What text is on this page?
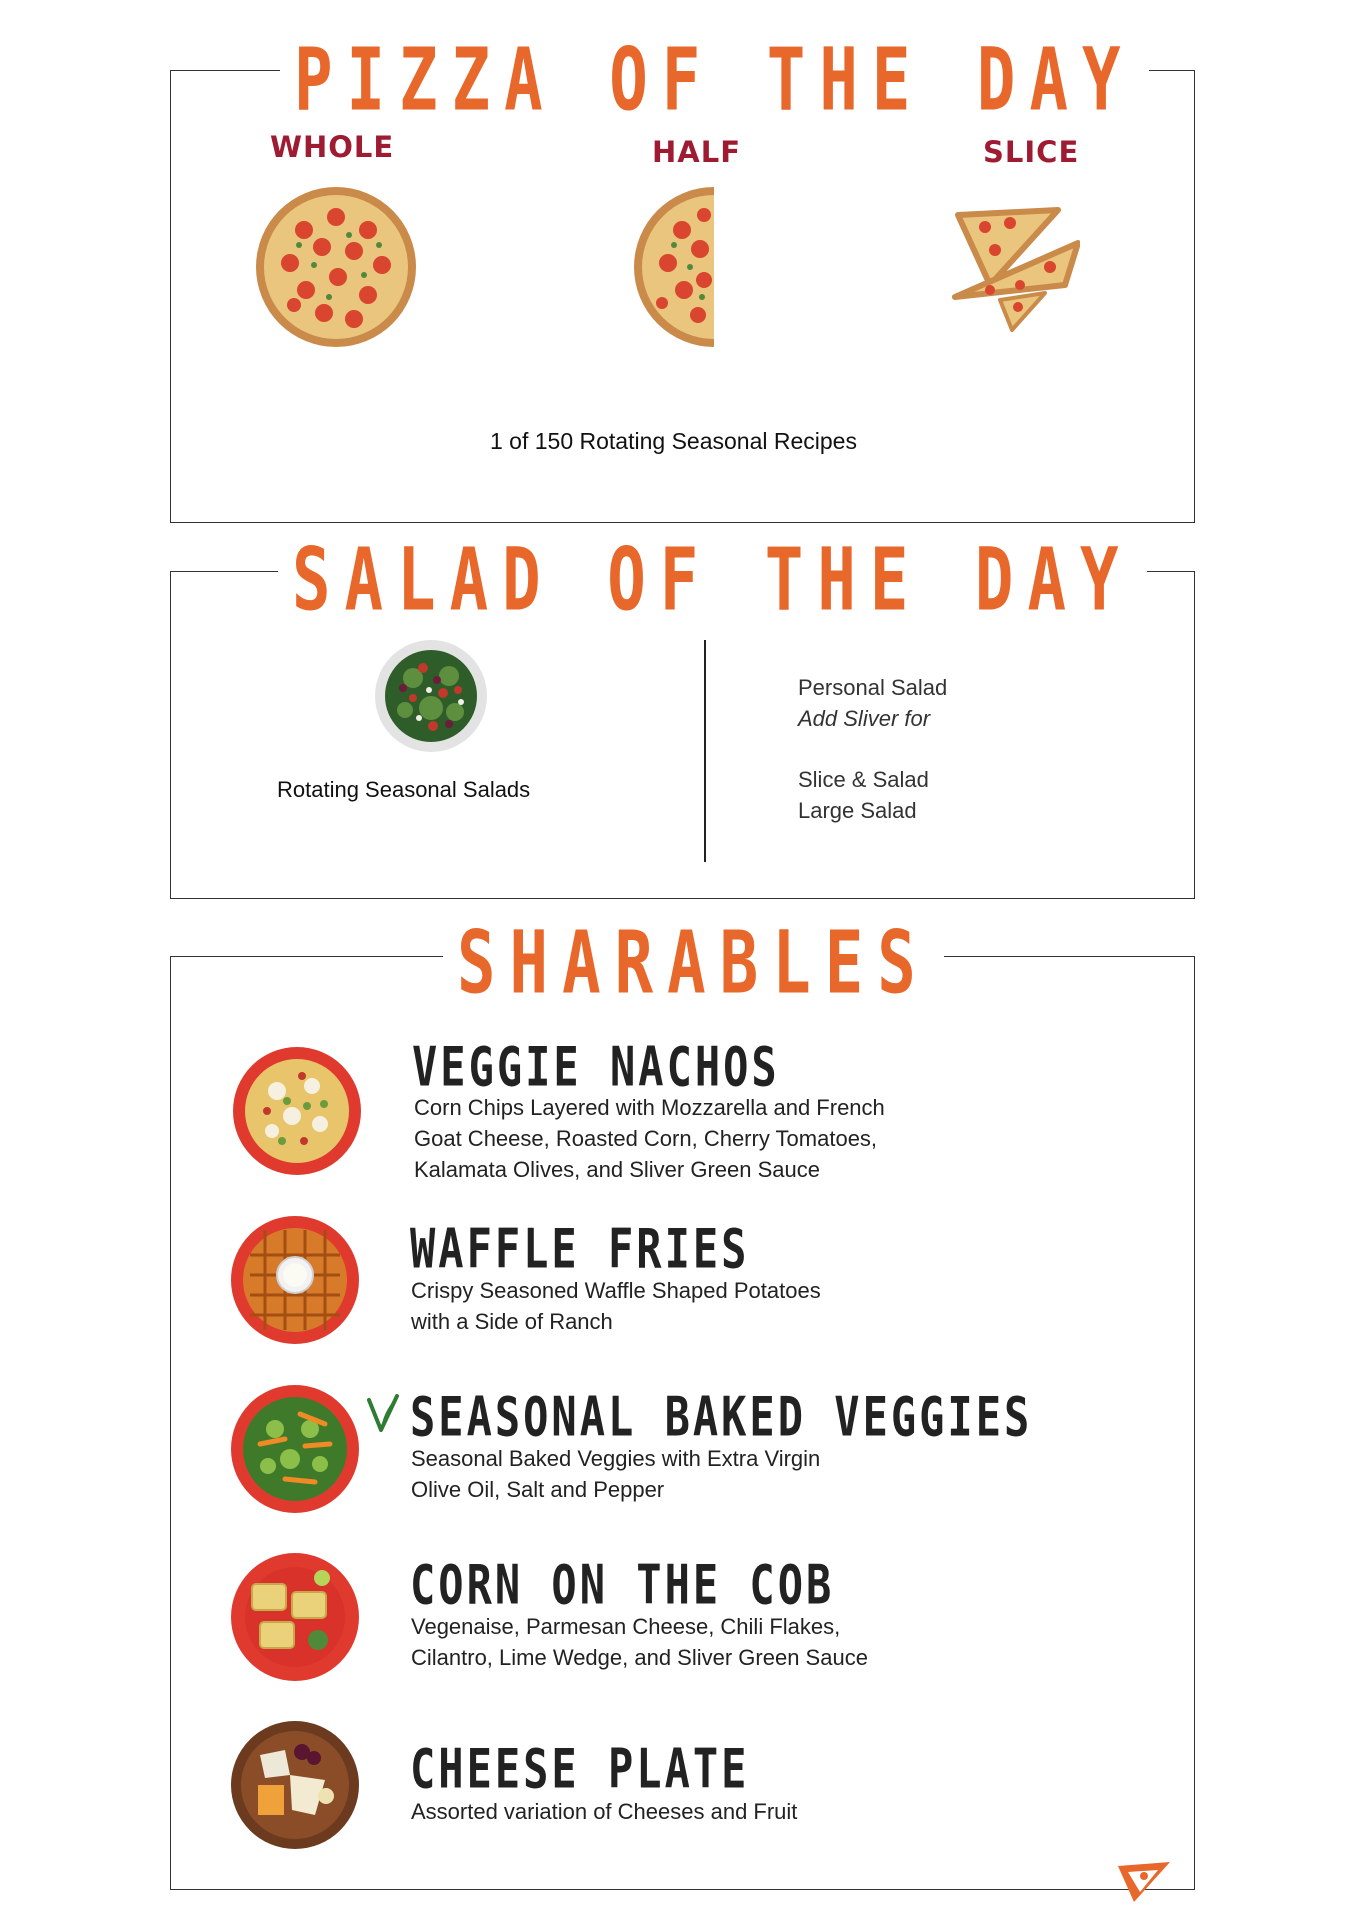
PIZZA OF THE DAY
WHOLE	HALF	SLICE
1 of 150 Rotating Seasonal Recipes
SALAD OF THE DAY
Rotating Seasonal Salads
Personal Salad
Add Sliver for
Slice & Salad
Large Salad
SHARABLES
VEGGIE NACHOS
Corn Chips Layered with Mozzarella and French
Goat Cheese, Roasted Corn, Cherry Tomatoes,
Kalamata Olives, and Sliver Green Sauce
WAFFLE FRIES
Crispy Seasoned Waffle Shaped Potatoes
with a Side of Ranch
SEASONAL BAKED VEGGIES
Seasonal Baked Veggies with Extra Virgin
Olive Oil, Salt and Pepper
CORN ON THE COB
Vegenaise, Parmesan Cheese, Chili Flakes,
Cilantro, Lime Wedge, and Sliver Green Sauce
CHEESE PLATE
Assorted variation of Cheeses and Fruit
